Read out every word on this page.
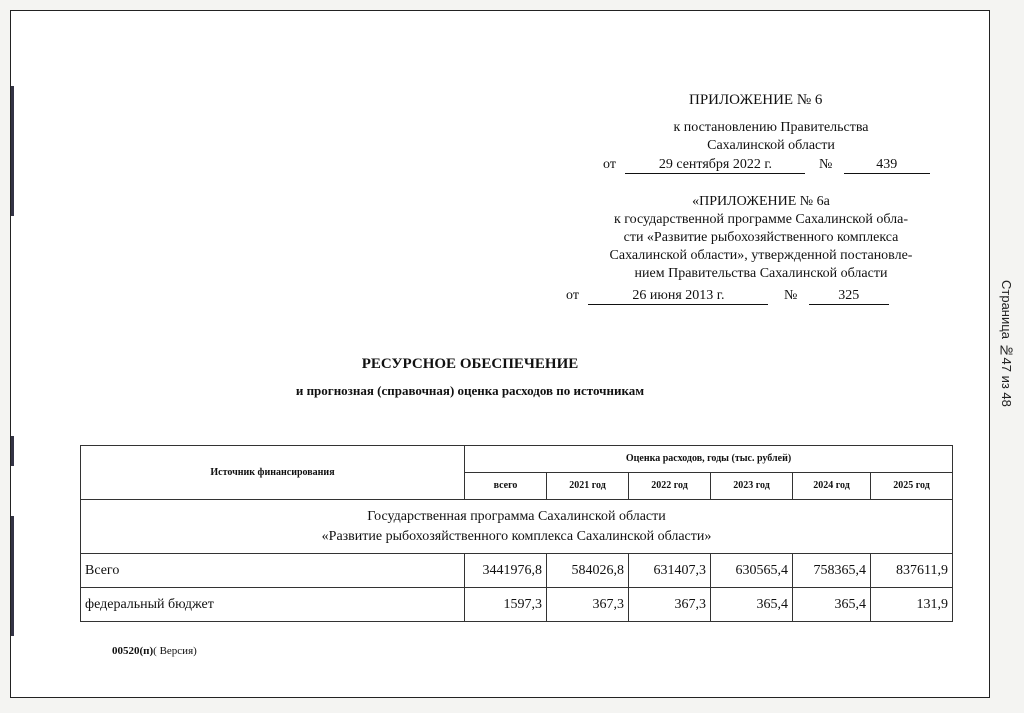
ПРИЛОЖЕНИЕ № 6
к постановлению Правительства
Сахалинской области
от	29 сентября 2022 г.	№	439
«ПРИЛОЖЕНИЕ № 6а
к государственной программе Сахалинской обла-
сти «Развитие рыбохозяйственного комплекса
Сахалинской области», утвержденной постановле-
нием Правительства Сахалинской области
от	26 июня 2013 г.	№	325
РЕСУРСНОЕ ОБЕСПЕЧЕНИЕ
и прогнозная (справочная) оценка расходов по источникам
Источник финансирования	Оценка расходов, годы (тыс. рублей)					
	всего	2021 год	2022 год	2023 год	2024 год	2025 год

Государственная программа Сахалинской области
«Развитие рыбохозяйственного комплекса Сахалинской области»						

Всего	3441976,8	584026,8	631407,3	630565,4	758365,4	837611,9
федеральный бюджет	1597,3	367,3	367,3	365,4	365,4	131,9
00520(п)( Версия)
Страница №47 из 48
